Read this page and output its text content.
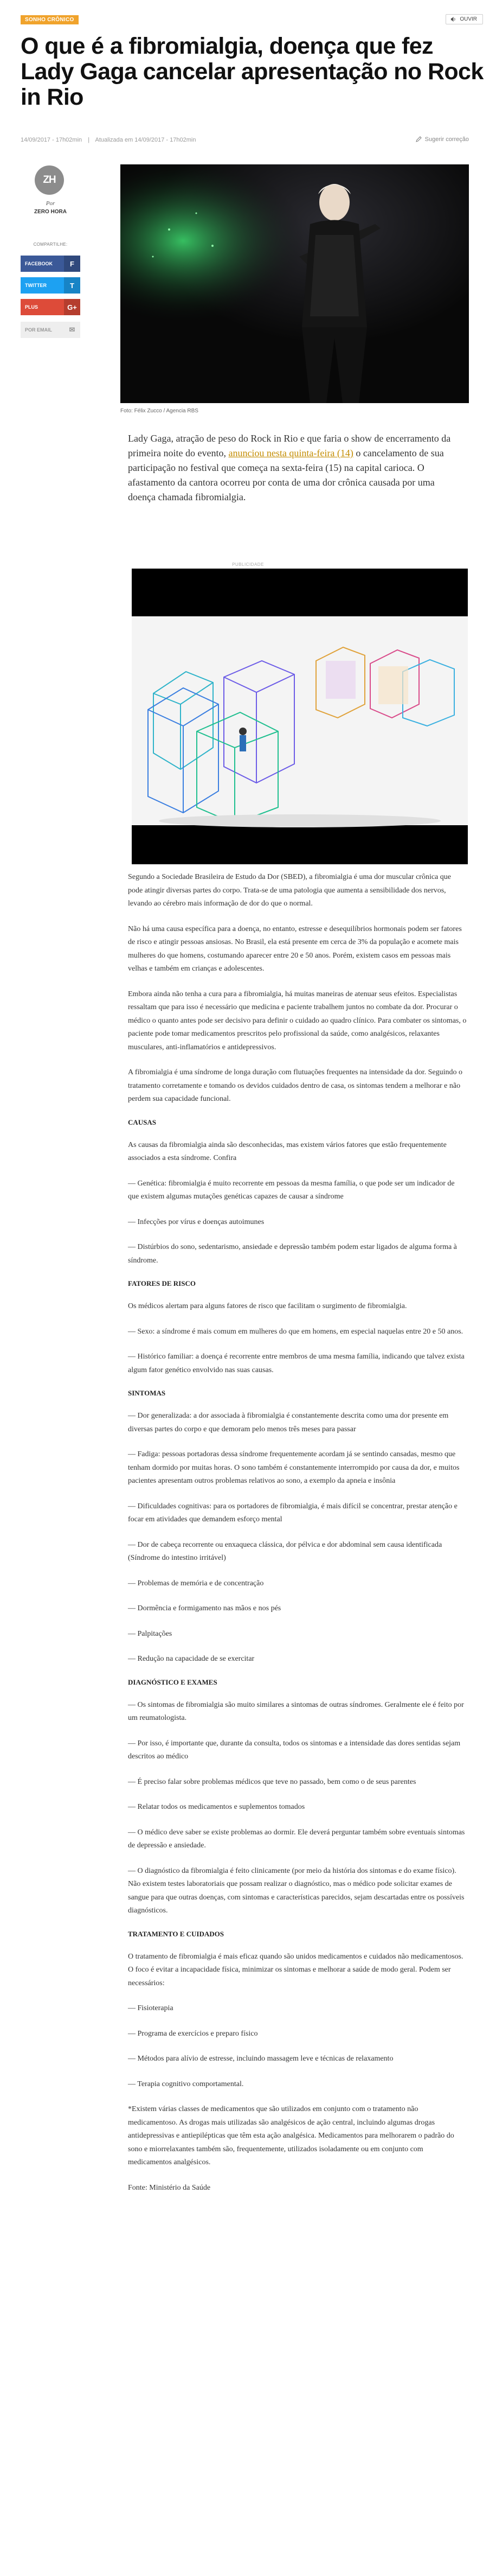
SONHO CRÔNICO	OUVIR
O que é a fibromialgia, doença que fez Lady Gaga cancelar apresentação no Rock in Rio
14/09/2017 - 17h02min | Atualizada em 14/09/2017 - 17h02min	Sugerir correção
ZH
Por
ZERO HORA
COMPARTILHE:
FACEBOOK	F
TWITTER	T
PLUS	G+
POR EMAIL	✉
Foto: Félix Zucco / Agencia RBS

Lady Gaga, atração de peso do Rock in Rio e que faria o show de encerramento da primeira noite do evento, anunciou nesta quinta-feira (14) o cancelamento de sua participação no festival que começa na sexta-feira (15) na capital carioca. O afastamento da cantora ocorreu por conta de uma dor crônica causada por uma doença chamada fibromialgia.

PUBLICIDADE

Segundo a Sociedade Brasileira de Estudo da Dor (SBED), a fibromialgia é uma dor muscular crônica que pode atingir diversas partes do corpo. Trata-se de uma patologia que aumenta a sensibilidade dos nervos, levando ao cérebro mais informação de dor do que o normal.

Não há uma causa específica para a doença, no entanto, estresse e desequilíbrios hormonais podem ser fatores de risco e atingir pessoas ansiosas. No Brasil, ela está presente em cerca de 3% da população e acomete mais mulheres do que homens, costumando aparecer entre 20 e 50 anos. Porém, existem casos em pessoas mais velhas e também em crianças e adolescentes.

Embora ainda não tenha a cura para a fibromialgia, há muitas maneiras de atenuar seus efeitos. Especialistas ressaltam que para isso é necessário que medicina e paciente trabalhem juntos no combate da dor. Procurar o médico o quanto antes pode ser decisivo para definir o cuidado ao quadro clínico. Para combater os sintomas, o paciente pode tomar medicamentos prescritos pelo profissional da saúde, como analgésicos, relaxantes musculares, anti-inflamatórios e antidepressivos.

A fibromialgia é uma síndrome de longa duração com flutuações frequentes na intensidade da dor. Seguindo o tratamento corretamente e tomando os devidos cuidados dentro de casa, os sintomas tendem a melhorar e não perdem sua capacidade funcional.

CAUSAS

As causas da fibromialgia ainda são desconhecidas, mas existem vários fatores que estão frequentemente associados a esta síndrome. Confira

— Genética: fibromialgia é muito recorrente em pessoas da mesma família, o que pode ser um indicador de que existem algumas mutações genéticas capazes de causar a síndrome

— Infecções por vírus e doenças autoimunes

— Distúrbios do sono, sedentarismo, ansiedade e depressão também podem estar ligados de alguma forma à síndrome.

FATORES DE RISCO

Os médicos alertam para alguns fatores de risco que facilitam o surgimento de fibromialgia.

— Sexo: a síndrome é mais comum em mulheres do que em homens, em especial naquelas entre 20 e 50 anos.

— Histórico familiar: a doença é recorrente entre membros de uma mesma família, indicando que talvez exista algum fator genético envolvido nas suas causas.

SINTOMAS

— Dor generalizada: a dor associada à fibromialgia é constantemente descrita como uma dor presente em diversas partes do corpo e que demoram pelo menos três meses para passar

— Fadiga: pessoas portadoras dessa síndrome frequentemente acordam já se sentindo cansadas, mesmo que tenham dormido por muitas horas. O sono também é constantemente interrompido por causa da dor, e muitos pacientes apresentam outros problemas relativos ao sono, a exemplo da apneia e insônia

— Dificuldades cognitivas: para os portadores de fibromialgia, é mais difícil se concentrar, prestar atenção e focar em atividades que demandem esforço mental

— Dor de cabeça recorrente ou enxaqueca clássica, dor pélvica e dor abdominal sem causa identificada (Síndrome do intestino irritável)

— Problemas de memória e de concentração

— Dormência e formigamento nas mãos e nos pés

— Palpitações

— Redução na capacidade de se exercitar

DIAGNÓSTICO E EXAMES

— Os sintomas de fibromialgia são muito similares a sintomas de outras síndromes. Geralmente ele é feito por um reumatologista.

— Por isso, é importante que, durante da consulta, todos os sintomas e a intensidade das dores sentidas sejam descritos ao médico

— É preciso falar sobre problemas médicos que teve no passado, bem como o de seus parentes

— Relatar todos os medicamentos e suplementos tomados

— O médico deve saber se existe problemas ao dormir. Ele deverá perguntar também sobre eventuais sintomas de depressão e ansiedade.

— O diagnóstico da fibromialgia é feito clinicamente (por meio da história dos sintomas e do exame físico). Não existem testes laboratoriais que possam realizar o diagnóstico, mas o médico pode solicitar exames de sangue para que outras doenças, com sintomas e características parecidos, sejam descartadas entre os possíveis diagnósticos.

TRATAMENTO E CUIDADOS

O tratamento de fibromialgia é mais eficaz quando são unidos medicamentos e cuidados não medicamentosos. O foco é evitar a incapacidade física, minimizar os sintomas e melhorar a saúde de modo geral. Podem ser necessários:

— Fisioterapia

— Programa de exercícios e preparo físico

— Métodos para alívio de estresse, incluindo massagem leve e técnicas de relaxamento

— Terapia cognitivo comportamental.

*Existem várias classes de medicamentos que são utilizados em conjunto com o tratamento não medicamentoso. As drogas mais utilizadas são analgésicos de ação central, incluindo algumas drogas antidepressivas e antiepilépticas que têm esta ação analgésica. Medicamentos para melhorarem o padrão do sono e miorrelaxantes também são, frequentemente, utilizados isoladamente ou em conjunto com medicamentos analgésicos.

Fonte: Ministério da Saúde
